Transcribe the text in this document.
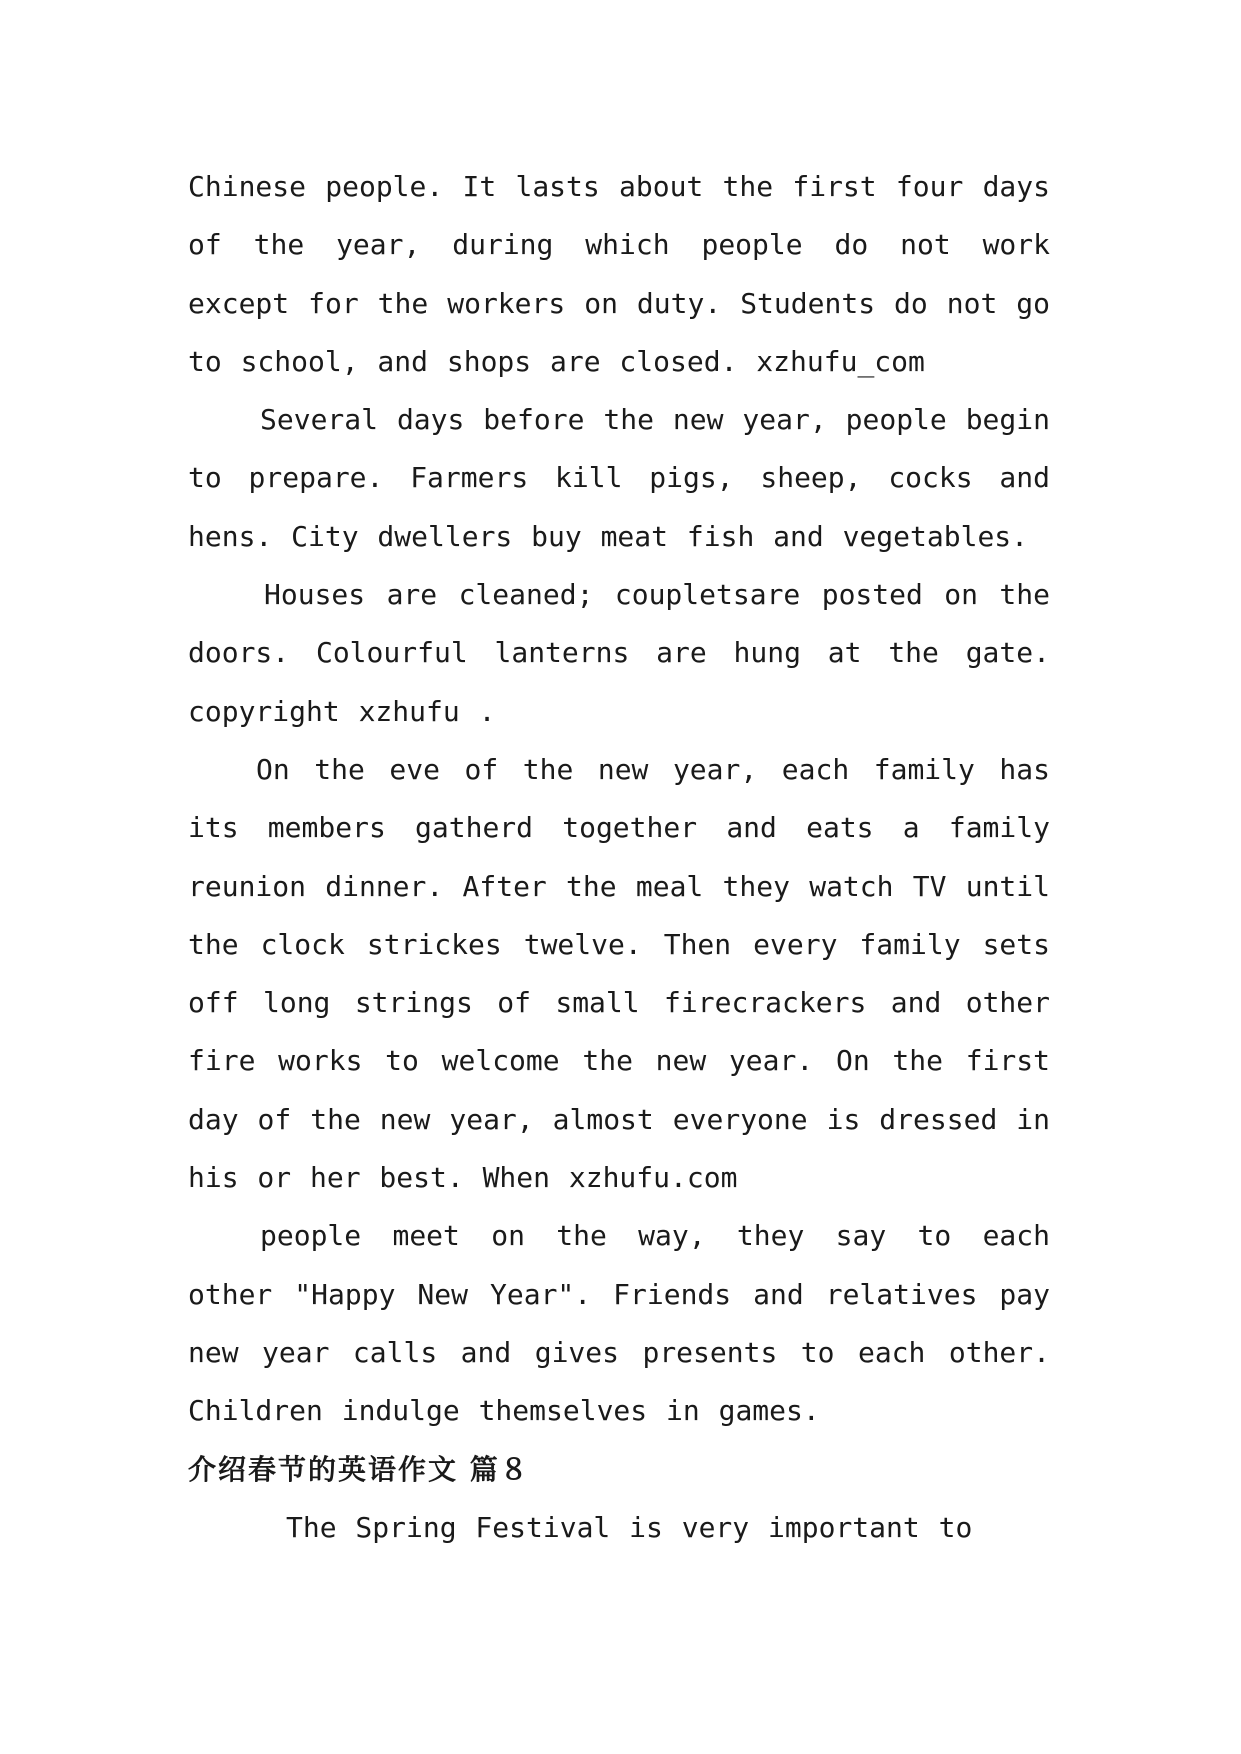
Chinese people. It lasts about the first four days of the year, during which people do not work except for the workers on duty. Students do not go to school, and shops are closed. xzhufu_com

Several days before the new year, people begin to prepare. Farmers kill pigs, sheep, cocks and hens. City dwellers buy meat fish and vegetables.

Houses are cleaned; coupletsare posted on the doors. Colourful lanterns are hung at the gate. copyright xzhufu .

On the eve of the new year, each family has its members gatherd together and eats a family reunion dinner. After the meal they watch TV until the clock strickes twelve. Then every family sets off long strings of small firecrackers and other fire works to welcome the new year. On the first day of the new year, almost everyone is dressed in his or her best. When xzhufu.com

people meet on the way, they say to each other "Happy New Year". Friends and relatives pay new year calls and gives presents to each other. Children indulge themselves in games.

介绍春节的英语作文 篇８

The Spring Festival is very important to
